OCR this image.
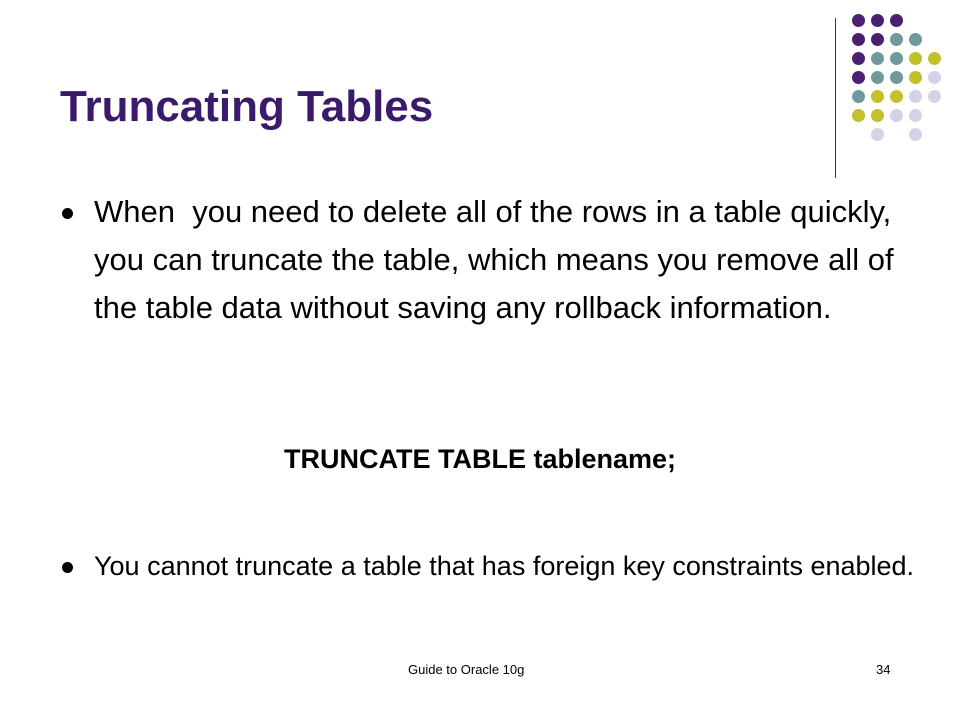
Truncating Tables
When  you need to delete all of the rows in a table quickly, you can truncate the table, which means you remove all of the table data without saving any rollback information.
TRUNCATE TABLE tablename;
You cannot truncate a table that has foreign key constraints enabled.
Guide to Oracle 10g	34
